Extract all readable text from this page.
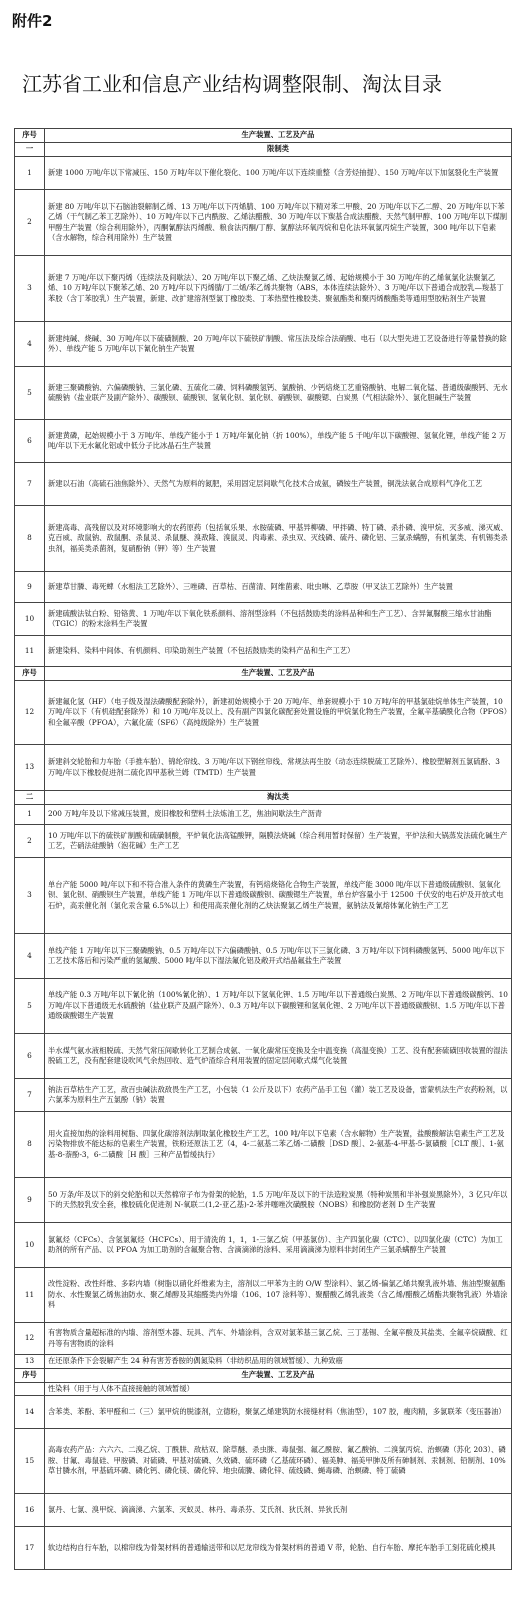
附件2
江苏省工业和信息产业结构调整限制、淘汰目录
序号	生产装置、工艺及产品
一	限制类
1	新建 1000 万吨/年以下常减压、150 万吨/年以下催化裂化、100 万吨/年以下连续重整（含芳烃抽提）、150 万吨/年以下加氢裂化生产装置
2	新建 80 万吨/年以下石脑油裂解制乙烯、13 万吨/年以下丙烯腈、100 万吨/年以下精对苯二甲酸、20 万吨/年以下乙二醇、20 万吨/年以下苯乙烯（干气制乙苯工艺除外）、10 万吨/年以下己内酰胺、乙烯法醋酸、30 万吨/年以下羰基合成法醋酸、天然气制甲醇、100 万吨/年以下煤制甲醇生产装置（综合利用除外），丙酮氰醇法丙烯酸、粮食法丙酮/丁醇、氯醇法环氧丙烷和皂化法环氧氯丙烷生产装置，300 吨/年以下皂素（含水解物，综合利用除外）生产装置
3	新建 7 万吨/年以下聚丙烯（连续法及间歇法）、20 万吨/年以下聚乙烯、乙炔法聚氯乙烯、起始规模小于 30 万吨/年的乙烯氧氯化法聚氯乙烯、10 万吨/年以下聚苯乙烯、20 万吨/年以下丙烯腈/丁二烯/苯乙烯共聚物（ABS，本体连续法除外）、3 万吨/年以下普通合成胶乳—羧基丁苯胶（含丁苯胶乳）生产装置，新建、改扩建溶剂型氯丁橡胶类、丁苯热塑性橡胶类、聚氨酯类和聚丙烯酸酯类等通用型胶粘剂生产装置
4	新建纯碱、烧碱、30 万吨/年以下硫磺制酸、20 万吨/年以下硫铁矿制酸、常压法及综合法硝酸、电石（以大型先进工艺设备进行等量替换的除外）、单线产能 5 万吨/年以下氰化钠生产装置
5	新建三聚磷酸钠、六偏磷酸钠、三氯化磷、五硫化二磷、饲料磷酸氢钙、氯酸钠、少钙焙烧工艺重铬酸钠、电解二氧化锰、普通级碳酸钙、无水硫酸钠（盐业联产及副产除外）、碳酸钡、硫酸钡、氢氧化钡、氯化钡、硝酸钡、碳酸锶、白炭黑（气相法除外）、氯化胆碱生产装置
6	新建黄磷，起始规模小于 3 万吨/年、单线产能小于 1 万吨/年氰化钠（折 100%），单线产能 5 千吨/年以下碳酸锂、氢氧化锂，单线产能 2 万吨/年以下无水氟化铝或中低分子比冰晶石生产装置
7	新建以石油（高硫石油焦除外）、天然气为原料的氮肥，采用固定层间歇气化技术合成氨，磷铵生产装置，铜洗法氨合成原料气净化工艺
8	新建高毒、高残留以及对环境影响大的农药原药（包括氧乐果、水胺硫磷、甲基异柳磷、甲拌磷、特丁磷、杀扑磷、溴甲烷、灭多威、涕灭威、克百威、敌鼠钠、敌鼠酮、杀鼠灵、杀鼠醚、溴敌隆、溴鼠灵、肉毒素、杀虫双、灭线磷、硫丹、磷化铝、三氯杀螨醇，有机氯类、有机锡类杀虫剂，福美类杀菌剂，复硝酚钠（钾）等）生产装置
9	新建草甘膦、毒死蜱（水相法工艺除外）、三唑磷、百草枯、百菌清、阿维菌素、吡虫啉、乙草胺（甲叉法工艺除外）生产装置
10	新建硫酸法钛白粉、铅铬黄、1 万吨/年以下氧化铁系颜料、溶剂型涂料（不包括鼓励类的涂料品种和生产工艺）、含异氰脲酸三缩水甘油酯（TGIC）的粉末涂料生产装置
11	新建染料、染料中间体、有机颜料、印染助剂生产装置（不包括鼓励类的染料产品和生产工艺）
序号	生产装置、工艺及产品
12	新建氟化氢（HF）（电子级及湿法磷酸配套除外），新建初始规模小于 20 万吨/年、单套规模小于 10 万吨/年的甲基氯硅烷单体生产装置，10 万吨/年以下（有机硅配套除外）和 10 万吨/年及以上、没有副产四氯化碳配套处置设施的甲烷氯化物生产装置，全氟辛基磺酰化合物（PFOS）和全氟辛酸（PFOA），六氟化硫（SF6）（高纯级除外）生产装置
13	新建斜交轮胎和力车胎（手推车胎）、锦纶帘线、3 万吨/年以下钢丝帘线、常规法再生胶（动态连续脱硫工艺除外）、橡胶塑解剂五氯硫酚、3 万吨/年以下橡胶促进剂二硫化四甲基秋兰姆（TMTD）生产装置
二	淘汰类
1	200 万吨/年及以下常减压装置，废旧橡胶和塑料土法炼油工艺，焦油间歇法生产沥青
2	10 万吨/年以下的硫铁矿制酸和硫磺制酸，平炉氧化法高锰酸钾，隔膜法烧碱（综合利用暂时保留）生产装置，平炉法和大锅蒸发法硫化碱生产工艺，芒硝法硅酸钠（泡花碱）生产工艺
3	单台产能 5000 吨/年以下和不符合准入条件的黄磷生产装置，有钙焙烧铬化合物生产装置，单线产能 3000 吨/年以下普通级硫酸钡、氢氧化钡、氯化钡、硝酸钡生产装置，单线产能 1 万吨/年以下普通级碳酸钡、碳酸锶生产装置，单台炉容量小于 12500 千伏安的电石炉及开放式电石炉，高汞催化剂（氯化汞含量 6.5%以上）和使用高汞催化剂的乙炔法聚氯乙烯生产装置，氨钠法及氰熔体氰化钠生产工艺
4	单线产能 1 万吨/年以下三聚磷酸钠、0.5 万吨/年以下六偏磷酸钠、0.5 万吨/年以下三氯化磷、3 万吨/年以下饲料磷酸氢钙、5000 吨/年以下工艺技术落后和污染严重的氢氟酸、5000 吨/年以下湿法氟化铝及敞开式结晶氟盐生产装置
5	单线产能 0.3 万吨/年以下氰化钠（100%氰化钠）、1 万吨/年以下氢氧化钾、1.5 万吨/年以下普通级白炭黑、2 万吨/年以下普通级碳酸钙、10 万吨/年以下普通级无水硫酸钠（盐业联产及副产除外）、0.3 万吨/年以下碳酸锂和氢氧化锂、2 万吨/年以下普通级碳酸钡、1.5 万吨/年以下普通级碳酸锶生产装置
6	半水煤气氨水液相脱硫、天然气常压间歇转化工艺制合成氨、一氧化碳常压变换及全中温变换（高温变换）工艺、没有配套硫磺回收装置的湿法脱硫工艺，没有配套建设吹风气余热回收、造气炉渣综合利用装置的固定层间歇式煤气化装置
7	钠法百草枯生产工艺，敌百虫碱法敌敌畏生产工艺，小包装（1 公斤及以下）农药产品手工包（灌）装工艺及设备，雷蒙机法生产农药粉剂，以六氯苯为原料生产五氯酚（钠）装置
8	用火直接加热的涂料用树脂、四氯化碳溶剂法制取氯化橡胶生产工艺，100 吨/年以下皂素（含水解物）生产装置，盐酸酸解法皂素生产工艺及污染物排放不能达标的皂素生产装置，铁粉还原法工艺（4，4-二氨基二苯乙烯-二磺酸［DSD 酸］、2-氨基-4-甲基-5-氯磺酸［CLT 酸］、1-氨基-8-萘酚-3，6-二磺酸［H 酸］三种产品暂缓执行）
9	50 万条/年及以下的斜交轮胎和以天然棉帘子布为骨架的轮胎，1.5 万吨/年及以下的干法造粒炭黑（特种炭黑和半补强炭黑除外），3 亿只/年以下的天然胶乳安全套，橡胶硫化促进剂 N-氧联二(1,2-亚乙基)-2-苯并噻唑次磺酰胺（NOBS）和橡胶防老剂 D 生产装置
10	氯氟烃（CFCs）、含氢氯氟烃（HCFCs）、用于清洗的 1，1，1-三氯乙烷（甲基氯仿）、主产四氯化碳（CTC）、以四氯化碳（CTC）为加工助剂的所有产品、以 PFOA 为加工助剂的含氟聚合物、含滴滴涕的涂料、采用滴滴涕为原料非封闭生产三氯杀螨醇生产装置
11	改性淀粉、改性纤维、多彩内墙（树脂以硝化纤维素为主，溶剂以二甲苯为主的 O/W 型涂料）、氯乙烯-偏氯乙烯共聚乳液外墙、焦油型聚氨酯防水、水性聚氯乙烯焦油防水、聚乙烯醇及其缩醛类内外墙（106、107 涂料等）、聚醋酸乙烯乳液类（含乙烯/醋酸乙烯酯共聚物乳液）外墙涂料
12	有害物质含量超标准的内墙、溶剂型木器、玩具、汽车、外墙涂料，含双对氯苯基三氯乙烷、三丁基锡、全氟辛酸及其盐类、全氟辛烷磺酸、红丹等有害物质的涂料
13	在还原条件下会裂解产生 24 种有害芳香胺的偶氮染料（非纺织品用的领域暂缓）、九种致癌
序号	生产装置、工艺及产品
	性染料（用于与人体不直接接触的领域暂缓）
14	含苯类、苯酚、苯甲醛和二（三）氯甲烷的脱漆剂，立德粉，聚氯乙烯建筑防水接缝材料（焦油型），107 胶，瘦肉精，多氯联苯（变压器油）
15	高毒农药产品：六六六、二溴乙烷、丁酰肼、敌枯双、除草醚、杀虫脒、毒鼠强、氟乙酰胺、氟乙酸钠、二溴氯丙烷、治螟磷（苏化 203）、磷胺、甘氟、毒鼠硅、甲胺磷、对硫磷、甲基对硫磷、久效磷、硫环磷（乙基硫环磷）、福美胂、福美甲胂及所有砷制剂、汞制剂、铅制剂、10%草甘膦水剂，甲基硫环磷、磷化钙、磷化镁、磷化锌、地虫硫膦、磷化锌、硫线磷、蝇毒磷、治螟磷、特丁硫磷
16	氯丹、七氯、溴甲烷、滴滴涕、六氯苯、灭蚁灵、林丹、毒杀芬、艾氏剂、狄氏剂、异狄氏剂
17	软边结构自行车胎，以棉帘线为骨架材料的普通输送带和以尼龙帘线为骨架材料的普通 V 带，轮胎、自行车胎、摩托车胎手工刻花硫化模具
